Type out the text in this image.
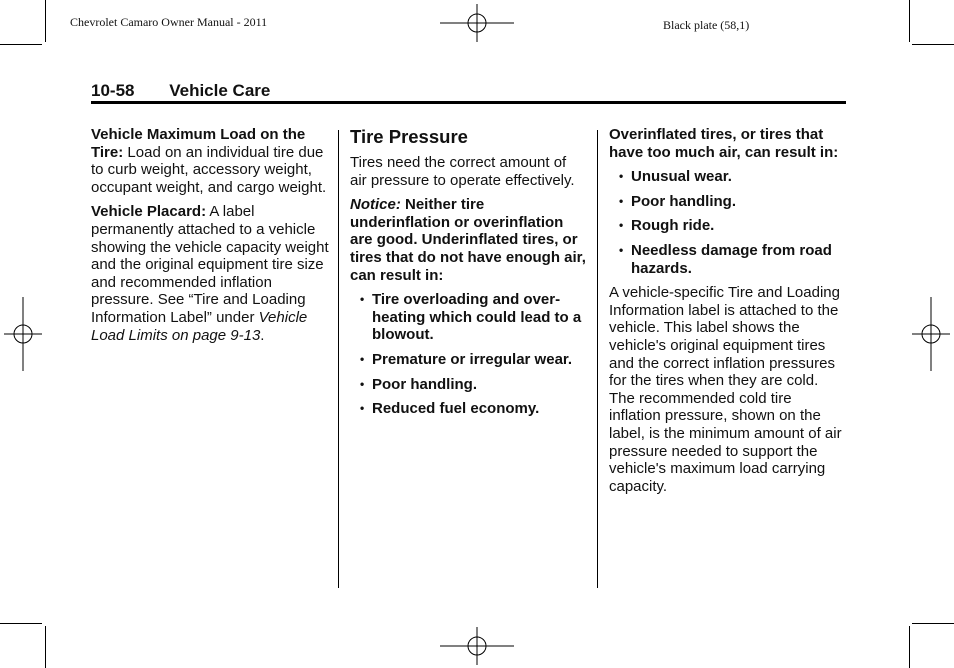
Chevrolet Camaro Owner Manual - 2011	Black plate (58,1)
10-58 Vehicle Care

Vehicle Maximum Load on the Tire: Load on an individual tire due to curb weight, accessory weight, occupant weight, and cargo weight.

Vehicle Placard: A label permanently attached to a vehicle showing the vehicle capacity weight and the original equipment tire size and recommended inflation pressure. See “Tire and Loading Information Label” under Vehicle Load Limits on page 9-13.

Tire Pressure

Tires need the correct amount of air pressure to operate effectively.

Notice: Neither tire underinflation or overinflation are good. Underinflated tires, or tires that do not have enough air, can result in:

• Tire overloading and over-heating which could lead to a blowout.
• Premature or irregular wear.
• Poor handling.
• Reduced fuel economy.

Overinflated tires, or tires that have too much air, can result in:

• Unusual wear.
• Poor handling.
• Rough ride.
• Needless damage from road hazards.

A vehicle-specific Tire and Loading Information label is attached to the vehicle. This label shows the vehicle's original equipment tires and the correct inflation pressures for the tires when they are cold. The recommended cold tire inflation pressure, shown on the label, is the minimum amount of air pressure needed to support the vehicle's maximum load carrying capacity.
